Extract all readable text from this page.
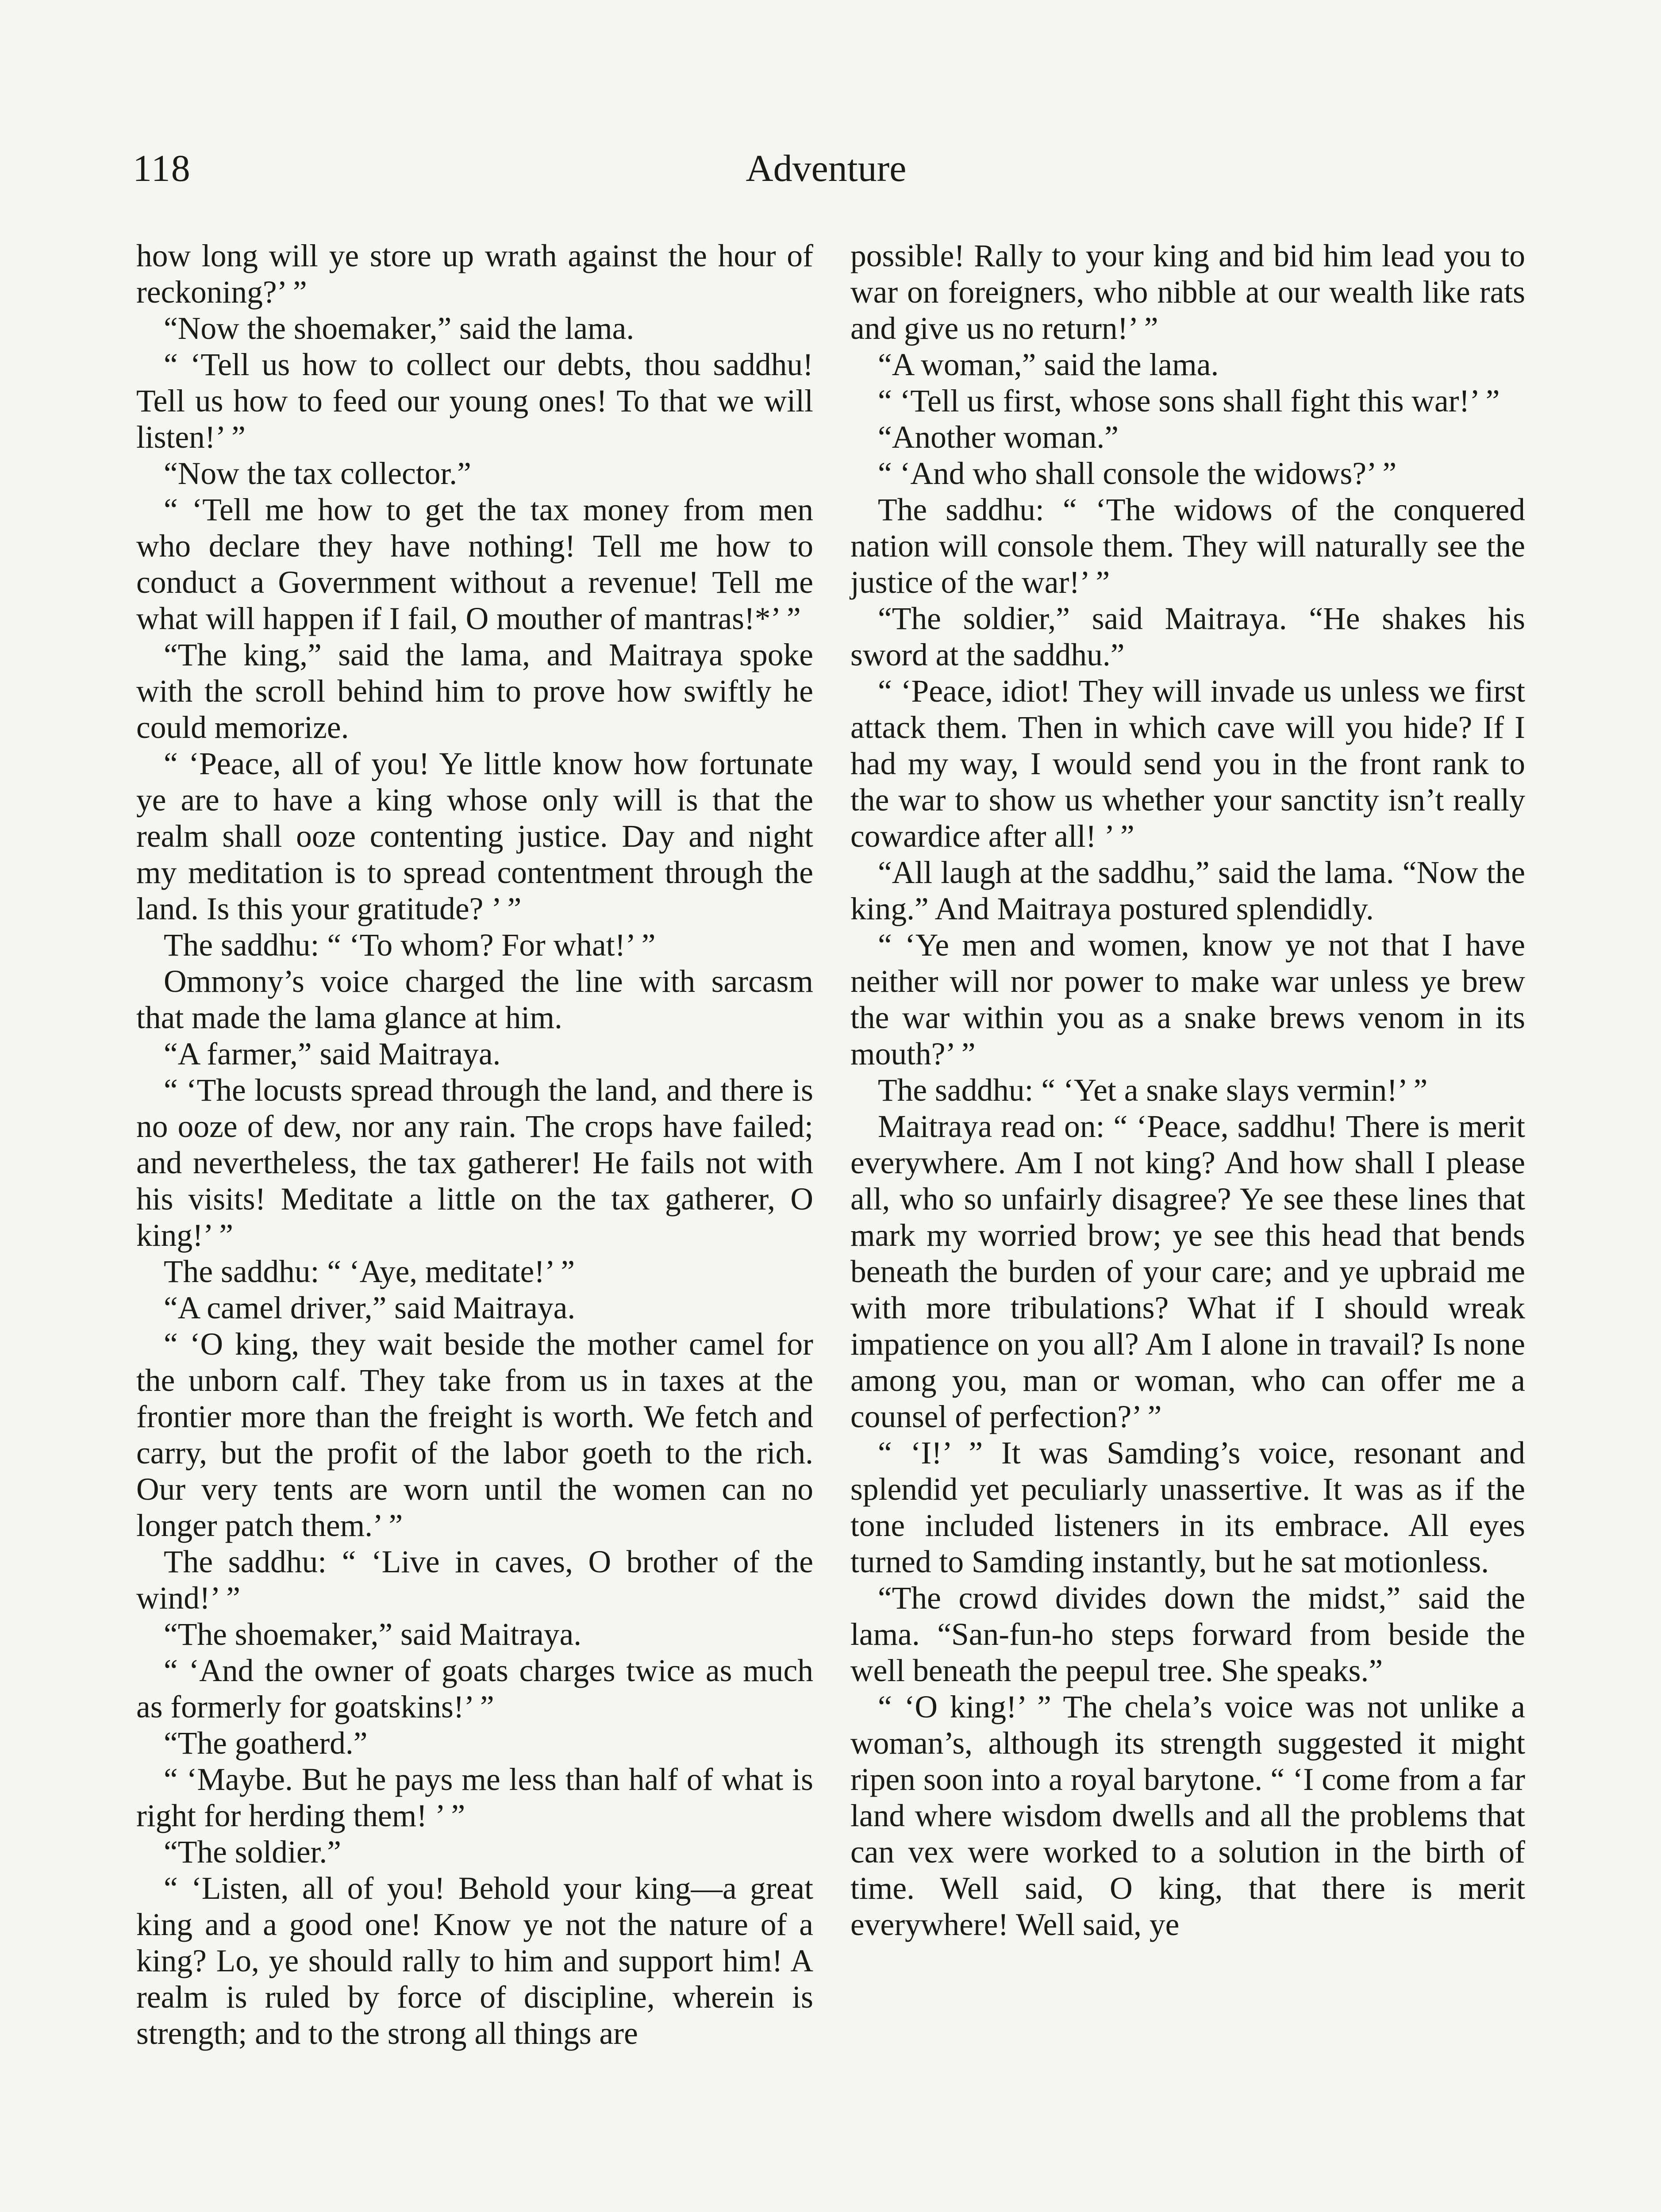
118	Adventure

how long will ye store up wrath against the hour of reckoning?’ ”

“Now the shoemaker,” said the lama.

“ ‘Tell us how to collect our debts, thou saddhu! Tell us how to feed our young ones! To that we will listen!’ ”

“Now the tax collector.”

“ ‘Tell me how to get the tax money from men who declare they have nothing! Tell me how to conduct a Government without a revenue! Tell me what will happen if I fail, O mouther of mantras!*’ ”

“The king,” said the lama, and Maitraya spoke with the scroll behind him to prove how swiftly he could memorize.

“ ‘Peace, all of you! Ye little know how fortunate ye are to have a king whose only will is that the realm shall ooze contenting justice. Day and night my meditation is to spread contentment through the land. Is this your gratitude? ’ ”

The saddhu: “ ‘To whom? For what!’ ”

Ommony’s voice charged the line with sarcasm that made the lama glance at him.

“A farmer,” said Maitraya.

“ ‘The locusts spread through the land, and there is no ooze of dew, nor any rain. The crops have failed; and nevertheless, the tax gatherer! He fails not with his visits! Meditate a little on the tax gatherer, O king!’ ”

The saddhu: “ ‘Aye, meditate!’ ”

“A camel driver,” said Maitraya.

“ ‘O king, they wait beside the mother camel for the unborn calf. They take from us in taxes at the frontier more than the freight is worth. We fetch and carry, but the profit of the labor goeth to the rich. Our very tents are worn until the women can no longer patch them.’ ”

The saddhu: “ ‘Live in caves, O brother of the wind!’ ”

“The shoemaker,” said Maitraya.

“ ‘And the owner of goats charges twice as much as formerly for goatskins!’ ”

“The goatherd.”

“ ‘Maybe. But he pays me less than half of what is right for herding them! ’ ”

“The soldier.”

“ ‘Listen, all of you! Behold your king—a great king and a good one! Know ye not the nature of a king? Lo, ye should rally to him and support him! A realm is ruled by force of discipline, wherein is strength; and to the strong all things are

possible! Rally to your king and bid him lead you to war on foreigners, who nibble at our wealth like rats and give us no return!’ ”

“A woman,” said the lama.

“ ‘Tell us first, whose sons shall fight this war!’ ”

“Another woman.”

“ ‘And who shall console the widows?’ ”

The saddhu: “ ‘The widows of the conquered nation will console them. They will naturally see the justice of the war!’ ”

“The soldier,” said Maitraya. “He shakes his sword at the saddhu.”

“ ‘Peace, idiot! They will invade us unless we first attack them. Then in which cave will you hide? If I had my way, I would send you in the front rank to the war to show us whether your sanctity isn’t really cowardice after all! ’ ”

“All laugh at the saddhu,” said the lama. “Now the king.” And Maitraya postured splendidly.

“ ‘Ye men and women, know ye not that I have neither will nor power to make war unless ye brew the war within you as a snake brews venom in its mouth?’ ”

The saddhu: “ ‘Yet a snake slays vermin!’ ”

Maitraya read on: “ ‘Peace, saddhu! There is merit everywhere. Am I not king? And how shall I please all, who so unfairly disagree? Ye see these lines that mark my worried brow; ye see this head that bends beneath the burden of your care; and ye upbraid me with more tribulations? What if I should wreak impatience on you all? Am I alone in travail? Is none among you, man or woman, who can offer me a counsel of perfection?’ ”

“ ‘I!’ ” It was Samding’s voice, resonant and splendid yet peculiarly unassertive. It was as if the tone included listeners in its embrace. All eyes turned to Samding instantly, but he sat motionless.

“The crowd divides down the midst,” said the lama. “San-fun-ho steps forward from beside the well beneath the peepul tree. She speaks.”

“ ‘O king!’ ” The chela’s voice was not unlike a woman’s, although its strength suggested it might ripen soon into a royal barytone. “ ‘I come from a far land where wisdom dwells and all the problems that can vex were worked to a solution in the birth of time. Well said, O king, that there is merit everywhere! Well said, ye
